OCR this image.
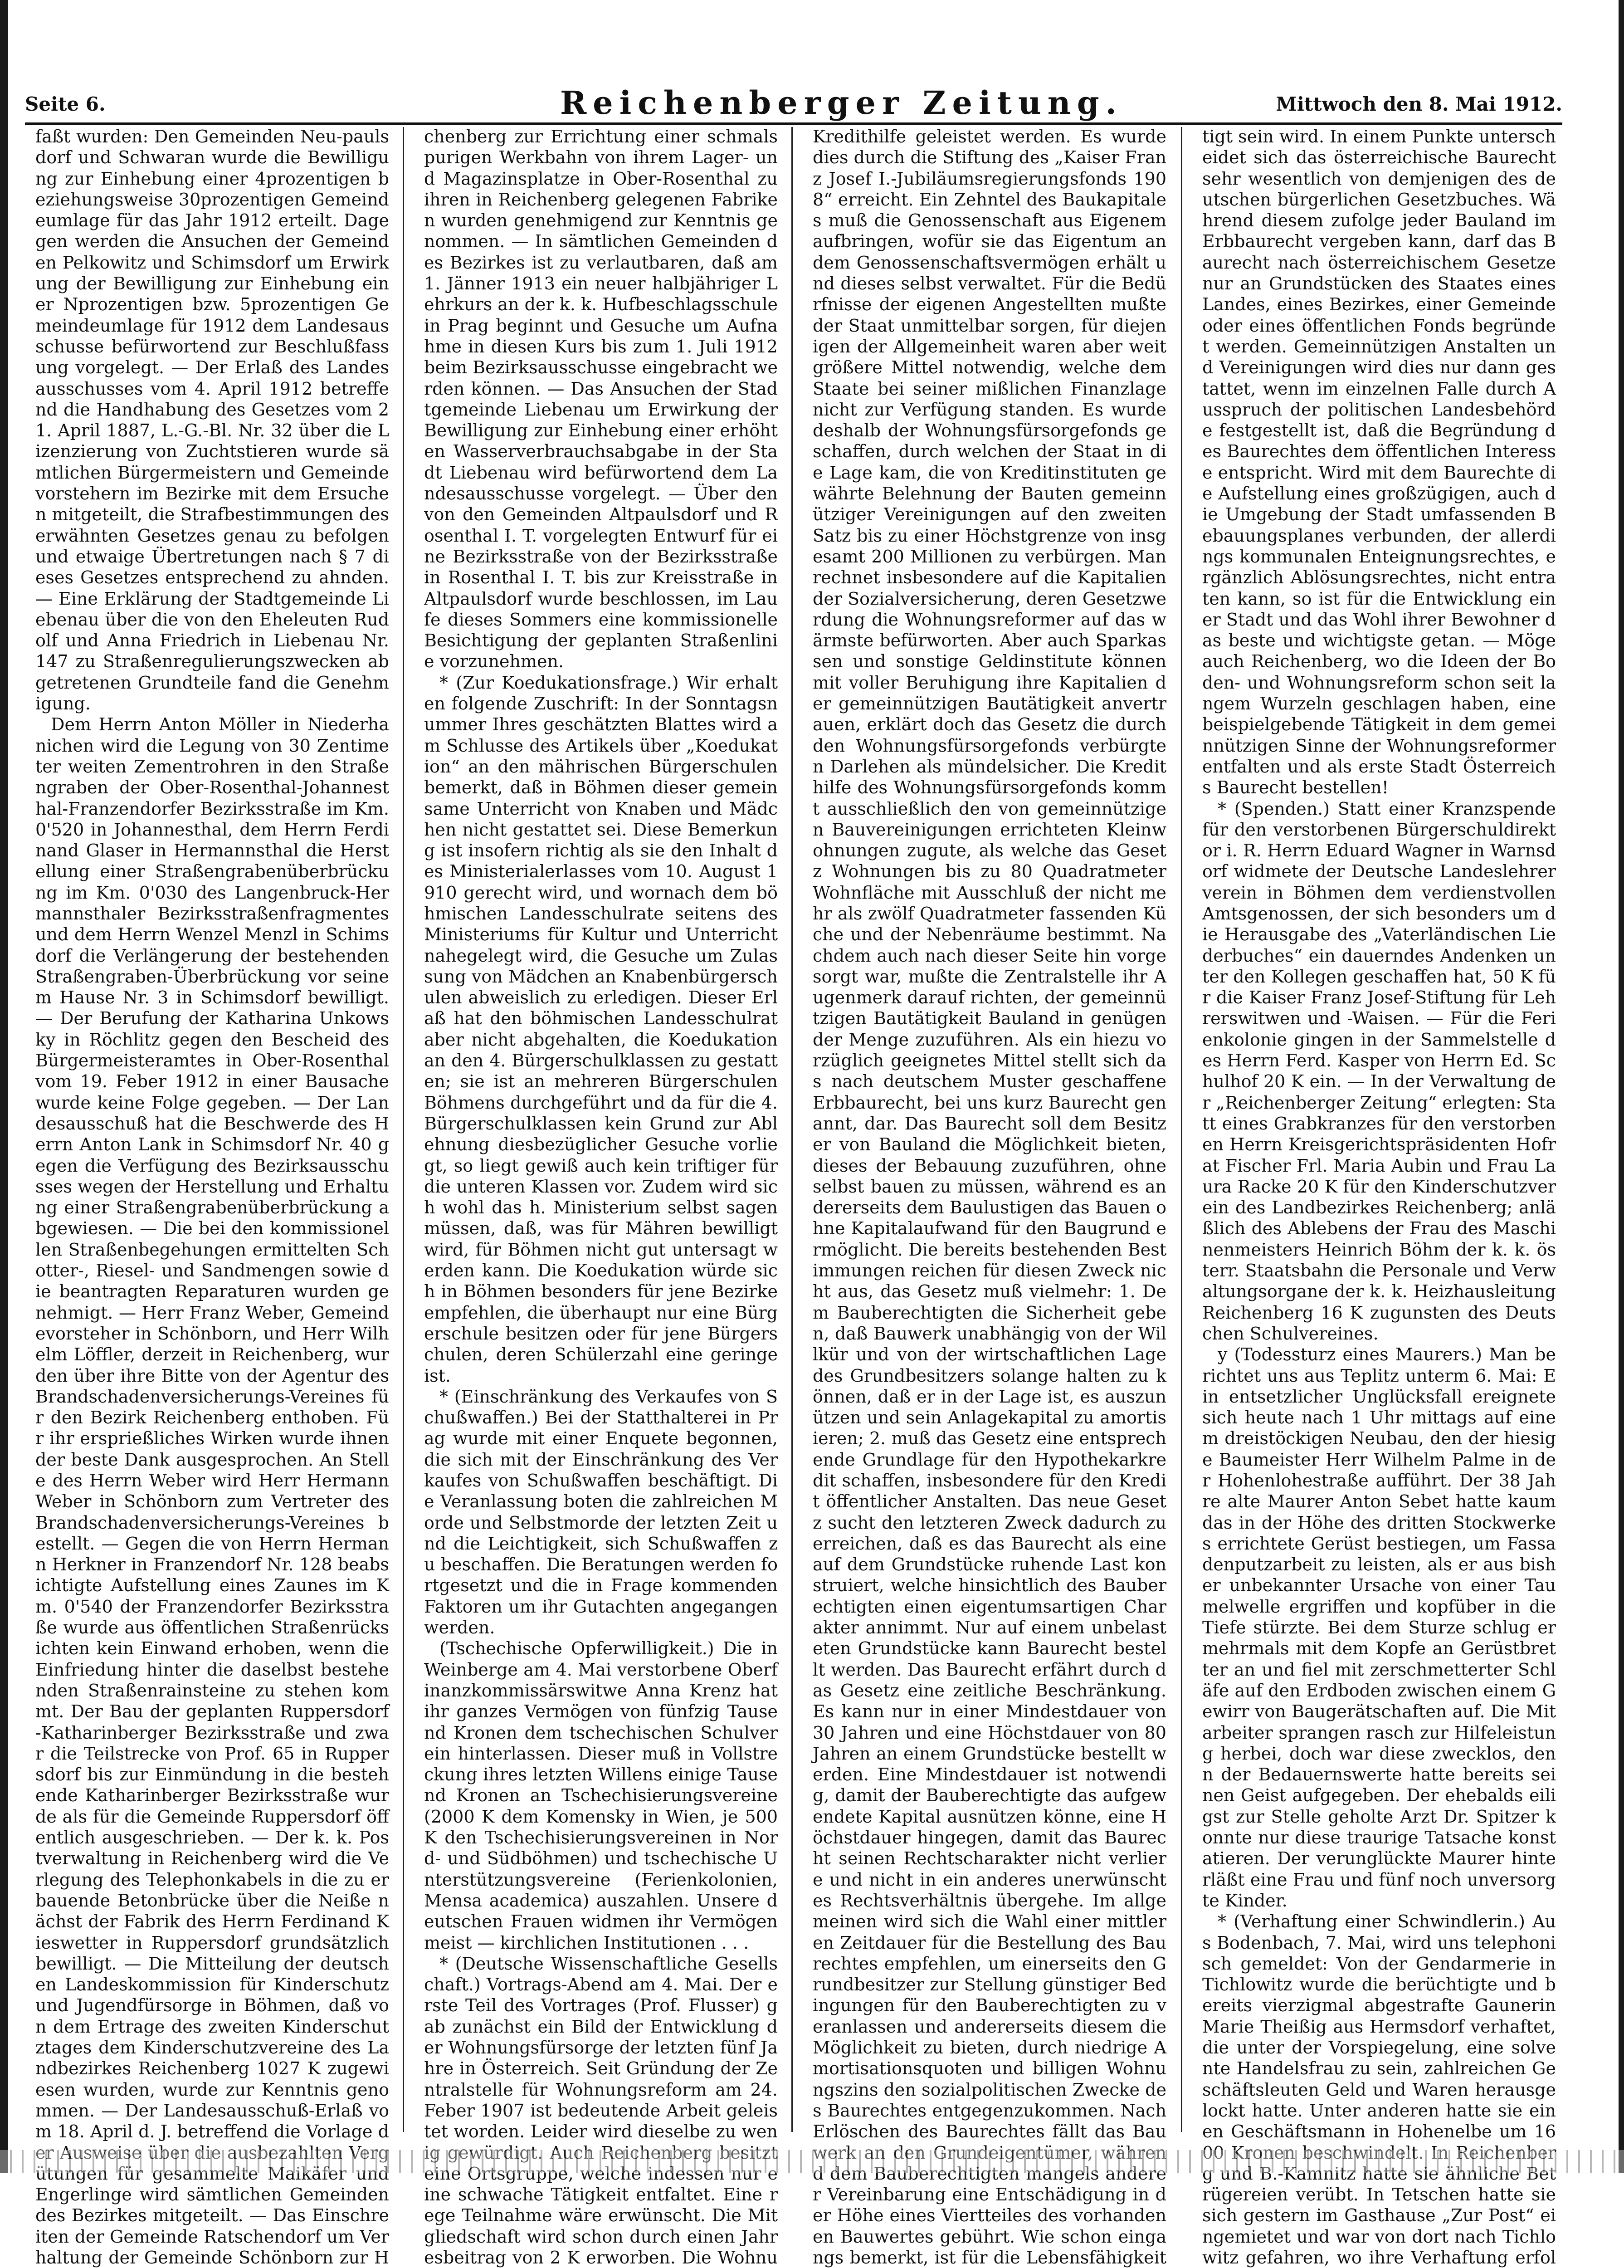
Seite 6.	Reichenberger Zeitung.	Mittwoch den 8. Mai 1912.

faßt wurden: Den Gemeinden Neu-paulsdorf und Schwaran wurde die Bewilligung zur Einhebung einer 4prozentigen beziehungsweise 30prozentigen Gemeindeumlage für das Jahr 1912 erteilt. Dagegen werden die Ansuchen der Gemeinden Pelkowitz und Schimsdorf um Erwirkung der Bewilligung zur Einhebung einer Nprozentigen bzw. 5prozentigen Gemeindeumlage für 1912 dem Landesausschusse befürwortend zur Beschlußfassung vorgelegt. — Der Erlaß des Landesausschusses vom 4. April 1912 betreffend die Handhabung des Gesetzes vom 21. April 1887, L.-G.-Bl. Nr. 32 über die Lizenzierung von Zuchtstieren wurde sämtlichen Bürgermeistern und Gemeindevorstehern im Bezirke mit dem Ersuchen mitgeteilt, die Strafbestimmungen des erwähnten Gesetzes genau zu befolgen und etwaige Übertretungen nach § 7 dieses Gesetzes entsprechend zu ahnden. — Eine Erklärung der Stadtgemeinde Liebenau über die von den Eheleuten Rudolf und Anna Friedrich in Liebenau Nr. 147 zu Straßenregulierungszwecken abgetretenen Grundteile fand die Genehmigung.

Dem Herrn Anton Möller in Niederhanichen wird die Legung von 30 Zentimeter weiten Zementrohren in den Straßengraben der Ober-Rosenthal-Johannesthal-Franzendorfer Bezirksstraße im Km. 0'520 in Johannesthal, dem Herrn Ferdinand Glaser in Hermannsthal die Herstellung einer Straßengrabenüberbrückung im Km. 0'030 des Langenbruck-Hermannsthaler Bezirksstraßenfragmentes und dem Herrn Wenzel Menzl in Schimsdorf die Verlängerung der bestehenden Straßengraben-Überbrückung vor seinem Hause Nr. 3 in Schimsdorf bewilligt. — Der Berufung der Katharina Unkowsky in Röchlitz gegen den Bescheid des Bürgermeisteramtes in Ober-Rosenthal vom 19. Feber 1912 in einer Bausache wurde keine Folge gegeben. — Der Landesausschuß hat die Beschwerde des Herrn Anton Lank in Schimsdorf Nr. 40 gegen die Verfügung des Bezirksausschusses wegen der Herstellung und Erhaltung einer Straßengrabenüberbrückung abgewiesen. — Die bei den kommissionellen Straßenbegehungen ermittelten Schotter-, Riesel- und Sandmengen sowie die beantragten Reparaturen wurden genehmigt. — Herr Franz Weber, Gemeindevorsteher in Schönborn, und Herr Wilhelm Löffler, derzeit in Reichenberg, wurden über ihre Bitte von der Agentur des Brandschadenversicherungs-Vereines für den Bezirk Reichenberg enthoben. Für ihr ersprießliches Wirken wurde ihnen der beste Dank ausgesprochen. An Stelle des Herrn Weber wird Herr Hermann Weber in Schönborn zum Vertreter des Brandschadenversicherungs-Vereines bestellt. — Gegen die von Herrn Hermann Herkner in Franzendorf Nr. 128 beabsichtigte Aufstellung eines Zaunes im Km. 0'540 der Franzendorfer Bezirksstraße wurde aus öffentlichen Straßenrücksichten kein Einwand erhoben, wenn die Einfriedung hinter die daselbst bestehenden Straßenrainsteine zu stehen kommt. Der Bau der geplanten Ruppersdorf-Katharinberger Bezirksstraße und zwar die Teilstrecke von Prof. 65 in Ruppersdorf bis zur Einmündung in die bestehende Katharinberger Bezirksstraße wurde als für die Gemeinde Ruppersdorf öffentlich ausgeschrieben. — Der k. k. Postverwaltung in Reichenberg wird die Verlegung des Telephonkabels in die zu erbauende Betonbrücke über die Neiße nächst der Fabrik des Herrn Ferdinand Kieswetter in Ruppersdorf grundsätzlich bewilligt. — Die Mitteilung der deutschen Landeskommission für Kinderschutz und Jugendfürsorge in Böhmen, daß von dem Ertrage des zweiten Kinderschutztages dem Kinderschutzvereine des Landbezirkes Reichenberg 1027 K zugewiesen wurden, wurde zur Kenntnis genommen. — Der Landesausschuß-Erlaß vom 18. April d. J. betreffend die Vorlage der Ausweise über die ausbezahlten Vergütungen für gesammelte Maikäfer und Engerlinge wird sämtlichen Gemeinden des Bezirkes mitgeteilt. — Das Einschreiten der Gemeinde Ratschendorf um Verhaltung der Gemeinde Schönborn zur H

chenberg zur Errichtung einer schmalspurigen Werkbahn von ihrem Lager- und Magazinsplatze in Ober-Rosenthal zu ihren in Reichenberg gelegenen Fabriken wurden genehmigend zur Kenntnis genommen. — In sämtlichen Gemeinden des Bezirkes ist zu verlautbaren, daß am 1. Jänner 1913 ein neuer halbjähriger Lehrkurs an der k. k. Hufbeschlagsschule in Prag beginnt und Gesuche um Aufnahme in diesen Kurs bis zum 1. Juli 1912 beim Bezirksausschusse eingebracht werden können. — Das Ansuchen der Stadtgemeinde Liebenau um Erwirkung der Bewilligung zur Einhebung einer erhöhten Wasserverbrauchsabgabe in der Stadt Liebenau wird befürwortend dem Landesausschusse vorgelegt. — Über den von den Gemeinden Altpaulsdorf und Rosenthal I. T. vorgelegten Entwurf für eine Bezirksstraße von der Bezirksstraße in Rosenthal I. T. bis zur Kreisstraße in Altpaulsdorf wurde beschlossen, im Laufe dieses Sommers eine kommissionelle Besichtigung der geplanten Straßenlinie vorzunehmen.

* (Zur Koedukationsfrage.) Wir erhalten folgende Zuschrift: In der Sonntagsnummer Ihres geschätzten Blattes wird am Schlusse des Artikels über „Koedukation“ an den mährischen Bürgerschulen bemerkt, daß in Böhmen dieser gemeinsame Unterricht von Knaben und Mädchen nicht gestattet sei. Diese Bemerkung ist insofern richtig als sie den Inhalt des Ministerialerlasses vom 10. August 1910 gerecht wird, und wornach dem böhmischen Landesschulrate seitens des Ministeriums für Kultur und Unterricht nahegelegt wird, die Gesuche um Zulassung von Mädchen an Knabenbürgerschulen abweislich zu erledigen. Dieser Erlaß hat den böhmischen Landesschulrat aber nicht abgehalten, die Koedukation an den 4. Bürgerschulklassen zu gestatten; sie ist an mehreren Bürgerschulen Böhmens durchgeführt und da für die 4. Bürgerschulklassen kein Grund zur Ablehnung diesbezüglicher Gesuche vorliegt, so liegt gewiß auch kein triftiger für die unteren Klassen vor. Zudem wird sich wohl das h. Ministerium selbst sagen müssen, daß, was für Mähren bewilligt wird, für Böhmen nicht gut untersagt werden kann. Die Koedukation würde sich in Böhmen besonders für jene Bezirke empfehlen, die überhaupt nur eine Bürgerschule besitzen oder für jene Bürgerschulen, deren Schülerzahl eine geringe ist.

* (Einschränkung des Verkaufes von Schußwaffen.) Bei der Statthalterei in Prag wurde mit einer Enquete begonnen, die sich mit der Einschränkung des Verkaufes von Schußwaffen beschäftigt. Die Veranlassung boten die zahlreichen Morde und Selbstmorde der letzten Zeit und die Leichtigkeit, sich Schußwaffen zu beschaffen. Die Beratungen werden fortgesetzt und die in Frage kommenden Faktoren um ihr Gutachten angegangen werden.

(Tschechische Opferwilligkeit.) Die in Weinberge am 4. Mai verstorbene Oberfinanzkommissärswitwe Anna Krenz hat ihr ganzes Vermögen von fünfzig Tausend Kronen dem tschechischen Schulverein hinterlassen. Dieser muß in Vollstreckung ihres letzten Willens einige Tausend Kronen an Tschechisierungsvereine (2000 K dem Komensky in Wien, je 500 K den Tschechisierungsvereinen in Nord- und Südböhmen) und tschechische Unterstützungsvereine (Ferienkolonien, Mensa academica) auszahlen. Unsere deutschen Frauen widmen ihr Vermögen meist — kirchlichen Institutionen . . .

* (Deutsche Wissenschaftliche Gesellschaft.) Vortrags-Abend am 4. Mai. Der erste Teil des Vortrages (Prof. Flusser) gab zunächst ein Bild der Entwicklung der Wohnungsfürsorge der letzten fünf Jahre in Österreich. Seit Gründung der Zentralstelle für Wohnungsreform am 24. Feber 1907 ist bedeutende Arbeit geleistet worden. Leider wird dieselbe zu wenig gewürdigt. Auch Reichenberg besitzt eine Ortsgruppe, welche indessen nur eine schwache Tätigkeit entfaltet. Eine rege Teilnahme wäre erwünscht. Die Mitgliedschaft wird schon durch einen Jahresbeitrag von 2 K erworben. Die Wohnu

Kredithilfe geleistet werden. Es wurde dies durch die Stiftung des „Kaiser Franz Josef I.-Jubiläumsregierungsfonds 1908“ erreicht. Ein Zehntel des Baukapitales muß die Genossenschaft aus Eigenem aufbringen, wofür sie das Eigentum an dem Genossenschaftsvermögen erhält und dieses selbst verwaltet. Für die Bedürfnisse der eigenen Angestellten mußte der Staat unmittelbar sorgen, für diejenigen der Allgemeinheit waren aber weit größere Mittel notwendig, welche dem Staate bei seiner mißlichen Finanzlage nicht zur Verfügung standen. Es wurde deshalb der Wohnungsfürsorgefonds geschaffen, durch welchen der Staat in die Lage kam, die von Kreditinstituten gewährte Belehnung der Bauten gemeinnütziger Vereinigungen auf den zweiten Satz bis zu einer Höchstgrenze von insgesamt 200 Millionen zu verbürgen. Man rechnet insbesondere auf die Kapitalien der Sozialversicherung, deren Gesetzwerdung die Wohnungsreformer auf das wärmste befürworten. Aber auch Sparkassen und sonstige Geldinstitute können mit voller Beruhigung ihre Kapitalien der gemeinnützigen Bautätigkeit anvertrauen, erklärt doch das Gesetz die durch den Wohnungsfürsorgefonds verbürgten Darlehen als mündelsicher. Die Kredithilfe des Wohnungsfürsorgefonds kommt ausschließlich den von gemeinnützigen Bauvereinigungen errichteten Kleinwohnungen zugute, als welche das Gesetz Wohnungen bis zu 80 Quadratmeter Wohnfläche mit Ausschluß der nicht mehr als zwölf Quadratmeter fassenden Küche und der Nebenräume bestimmt. Nachdem auch nach dieser Seite hin vorgesorgt war, mußte die Zentralstelle ihr Augenmerk darauf richten, der gemeinnützigen Bautätigkeit Bauland in genügender Menge zuzuführen. Als ein hiezu vorzüglich geeignetes Mittel stellt sich das nach deutschem Muster geschaffene Erbbaurecht, bei uns kurz Baurecht genannt, dar. Das Baurecht soll dem Besitzer von Bauland die Möglichkeit bieten, dieses der Bebauung zuzuführen, ohne selbst bauen zu müssen, während es andererseits dem Baulustigen das Bauen ohne Kapitalaufwand für den Baugrund ermöglicht. Die bereits bestehenden Bestimmungen reichen für diesen Zweck nicht aus, das Gesetz muß vielmehr: 1. Dem Bauberechtigten die Sicherheit geben, daß Bauwerk unabhängig von der Willkür und von der wirtschaftlichen Lage des Grundbesitzers solange halten zu können, daß er in der Lage ist, es auszunützen und sein Anlagekapital zu amortisieren; 2. muß das Gesetz eine entsprechende Grundlage für den Hypothekarkredit schaffen, insbesondere für den Kredit öffentlicher Anstalten. Das neue Gesetz sucht den letzteren Zweck dadurch zu erreichen, daß es das Baurecht als eine auf dem Grundstücke ruhende Last konstruiert, welche hinsichtlich des Bauberechtigten einen eigentumsartigen Charakter annimmt. Nur auf einem unbelasteten Grundstücke kann Baurecht bestellt werden. Das Baurecht erfährt durch das Gesetz eine zeitliche Beschränkung. Es kann nur in einer Mindestdauer von 30 Jahren und eine Höchstdauer von 80 Jahren an einem Grundstücke bestellt werden. Eine Mindestdauer ist notwendig, damit der Bauberechtigte das aufgewendete Kapital ausnützen könne, eine Höchstdauer hingegen, damit das Baurecht seinen Rechtscharakter nicht verliere und nicht in ein anderes unerwünschtes Rechtsverhältnis übergehe. Im allgemeinen wird sich die Wahl einer mittleren Zeitdauer für die Bestellung des Baurechtes empfehlen, um einerseits den Grundbesitzer zur Stellung günstiger Bedingungen für den Bauberechtigten zu veranlassen und andererseits diesem die Möglichkeit zu bieten, durch niedrige Amortisationsquoten und billigen Wohnungszins den sozialpolitischen Zwecke des Baurechtes entgegenzukommen. Nach Erlöschen des Baurechtes fällt das Bauwerk an den Grundeigentümer, während dem Bauberechtigten mangels anderer Vereinbarung eine Entschädigung in der Höhe eines Viertteiles des vorhandenen Bauwertes gebührt. Wie schon eingangs bemerkt, ist für die Lebensfähigkeit

tigt sein wird. In einem Punkte unterscheidet sich das österreichische Baurecht sehr wesentlich von demjenigen des deutschen bürgerlichen Gesetzbuches. Während diesem zufolge jeder Bauland im Erbbaurecht vergeben kann, darf das Baurecht nach österreichischem Gesetze nur an Grundstücken des Staates eines Landes, eines Bezirkes, einer Gemeinde oder eines öffentlichen Fonds begründet werden. Gemeinnützigen Anstalten und Vereinigungen wird dies nur dann gestattet, wenn im einzelnen Falle durch Ausspruch der politischen Landesbehörde festgestellt ist, daß die Begründung des Baurechtes dem öffentlichen Interesse entspricht. Wird mit dem Baurechte die Aufstellung eines großzügigen, auch die Umgebung der Stadt umfassenden Bebauungsplanes verbunden, der allerdings kommunalen Enteignungsrechtes, ergänzlich Ablösungsrechtes, nicht entraten kann, so ist für die Entwicklung einer Stadt und das Wohl ihrer Bewohner das beste und wichtigste getan. — Möge auch Reichenberg, wo die Ideen der Boden- und Wohnungsreform schon seit langem Wurzeln geschlagen haben, eine beispielgebende Tätigkeit in dem gemeinnützigen Sinne der Wohnungsreformer entfalten und als erste Stadt Österreichs Baurecht bestellen!

* (Spenden.) Statt einer Kranzspende für den verstorbenen Bürgerschuldirektor i. R. Herrn Eduard Wagner in Warnsdorf widmete der Deutsche Landeslehrerverein in Böhmen dem verdienstvollen Amtsgenossen, der sich besonders um die Herausgabe des „Vaterländischen Liederbuches“ ein dauerndes Andenken unter den Kollegen geschaffen hat, 50 K für die Kaiser Franz Josef-Stiftung für Lehrerswitwen und -Waisen. — Für die Ferienkolonie gingen in der Sammelstelle des Herrn Ferd. Kasper von Herrn Ed. Schulhof 20 K ein. — In der Verwaltung der „Reichenberger Zeitung“ erlegten: Statt eines Grabkranzes für den verstorbenen Herrn Kreisgerichtspräsidenten Hofrat Fischer Frl. Maria Aubin und Frau Laura Racke 20 K für den Kinderschutzverein des Landbezirkes Reichenberg; anläßlich des Ablebens der Frau des Maschinenmeisters Heinrich Böhm der k. k. österr. Staatsbahn die Personale und Verwaltungsorgane der k. k. Heizhausleitung Reichenberg 16 K zugunsten des Deutschen Schulvereines.

y (Todessturz eines Maurers.) Man berichtet uns aus Teplitz unterm 6. Mai: Ein entsetzlicher Unglücksfall ereignete sich heute nach 1 Uhr mittags auf einem dreistöckigen Neubau, den der hiesige Baumeister Herr Wilhelm Palme in der Hohenlohestraße aufführt. Der 38 Jahre alte Maurer Anton Sebet hatte kaum das in der Höhe des dritten Stockwerkes errichtete Gerüst bestiegen, um Fassadenputzarbeit zu leisten, als er aus bisher unbekannter Ursache von einer Taumelwelle ergriffen und kopfüber in die Tiefe stürzte. Bei dem Sturze schlug er mehrmals mit dem Kopfe an Gerüstbretter an und fiel mit zerschmetterter Schläfe auf den Erdboden zwischen einem Gewirr von Baugerätschaften auf. Die Mitarbeiter sprangen rasch zur Hilfeleistung herbei, doch war diese zwecklos, denn der Bedauernswerte hatte bereits seinen Geist aufgegeben. Der ehebalds eiligst zur Stelle geholte Arzt Dr. Spitzer konnte nur diese traurige Tatsache konstatieren. Der verunglückte Maurer hinterläßt eine Frau und fünf noch unversorgte Kinder.

* (Verhaftung einer Schwindlerin.) Aus Bodenbach, 7. Mai, wird uns telephonisch gemeldet: Von der Gendarmerie in Tichlowitz wurde die berüchtigte und bereits vierzigmal abgestrafte Gaunerin Marie Theißig aus Hermsdorf verhaftet, die unter der Vorspiegelung, eine solvente Handelsfrau zu sein, zahlreichen Geschäftsleuten Geld und Waren herausgelockt hatte. Unter anderen hatte sie einen Geschäftsmann in Hohenelbe um 1600 Kronen beschwindelt. In Reichenberg und B.-Kamnitz hatte sie ähnliche Betrügereien verübt. In Tetschen hatte sie sich gestern im Gasthause „Zur Post“ eingemietet und war von dort nach Tichlowitz gefahren, wo ihre Verhaftung erfol
